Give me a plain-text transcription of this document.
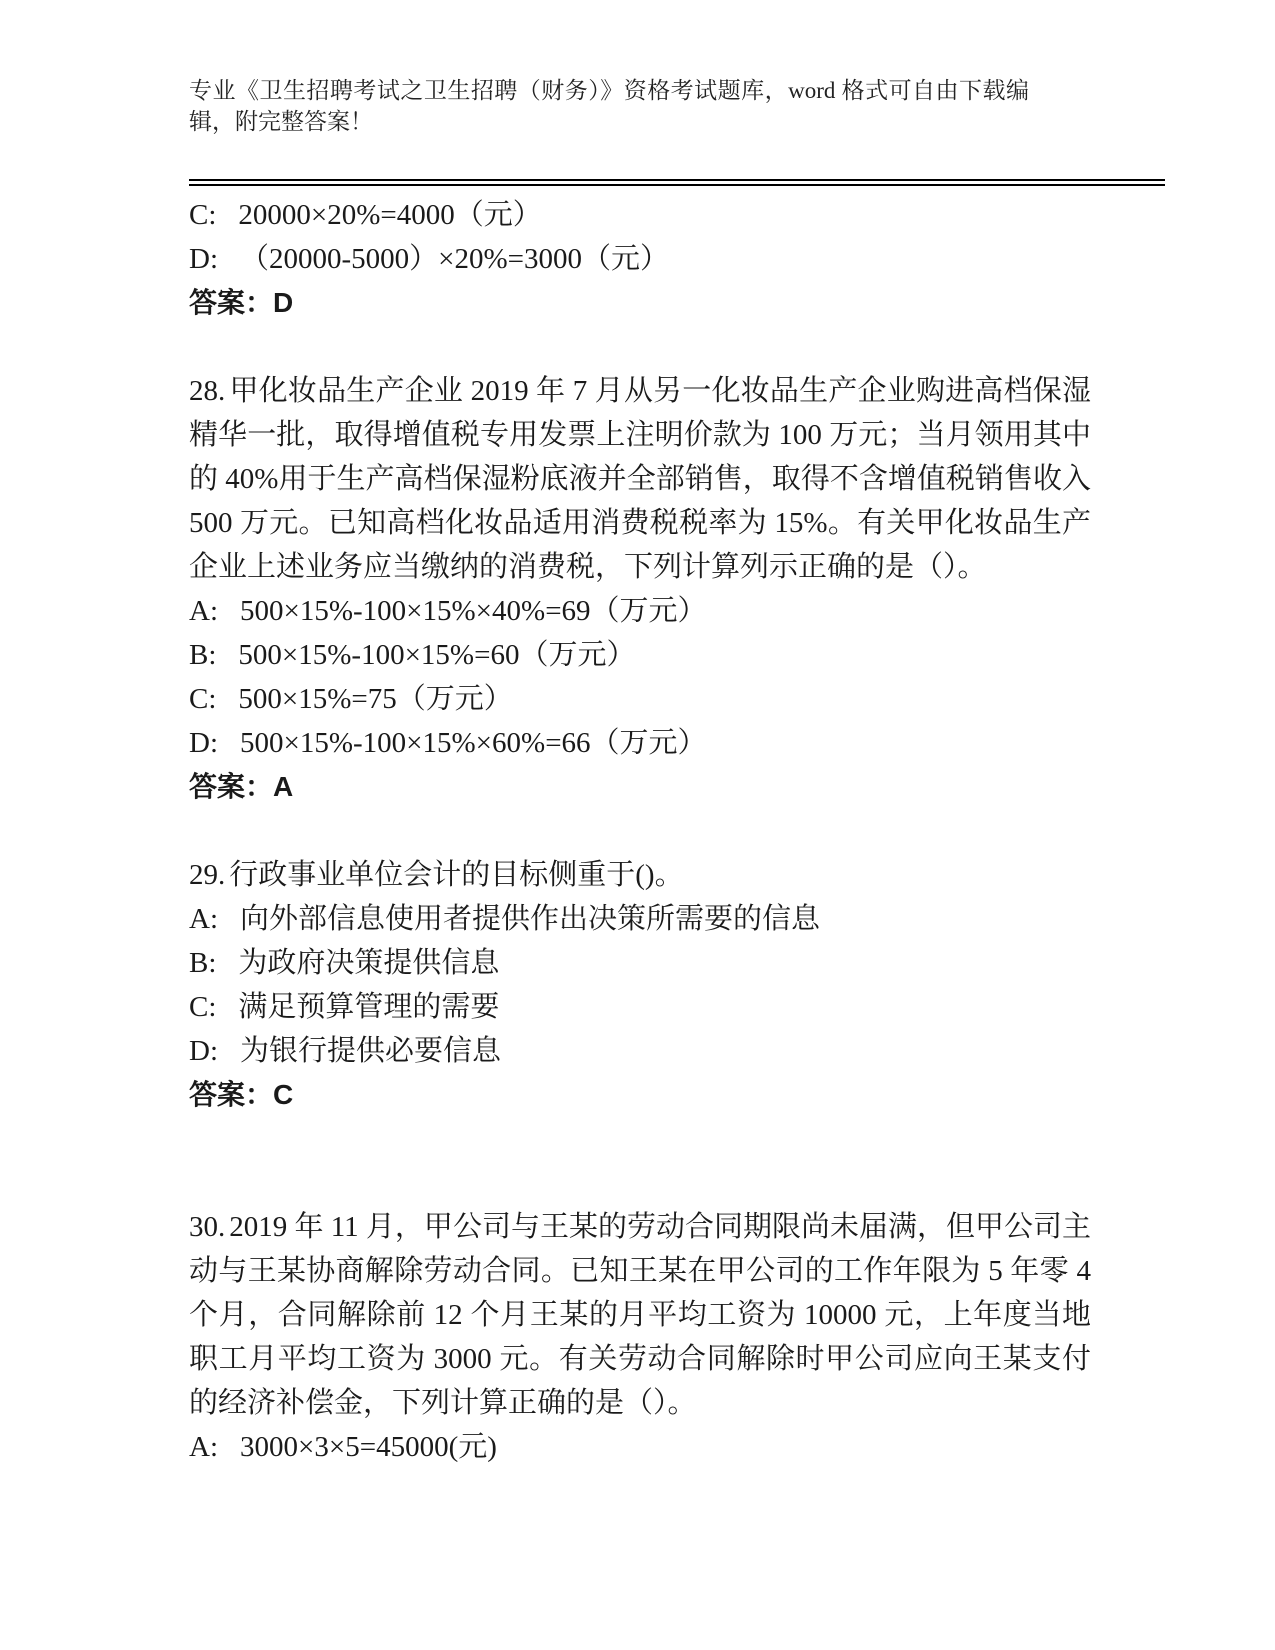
专业《卫生招聘考试之卫生招聘（财务）》资格考试题库，word 格式可自由下载编辑，附完整答案！
C: 20000×20%=4000（元）
D: （20000-5000）×20%=3000（元）
答案：D
28. 甲化妆品生产企业 2019 年 7 月从另一化妆品生产企业购进高档保湿精华一批，取得增值税专用发票上注明价款为 100 万元；当月领用其中的 40%用于生产高档保湿粉底液并全部销售，取得不含增值税销售收入 500 万元。已知高档化妆品适用消费税税率为 15%。有关甲化妆品生产企业上述业务应当缴纳的消费税，下列计算列示正确的是（）。
A: 500×15%-100×15%×40%=69（万元）
B: 500×15%-100×15%=60（万元）
C: 500×15%=75（万元）
D: 500×15%-100×15%×60%=66（万元）
答案：A
29. 行政事业单位会计的目标侧重于()。
A: 向外部信息使用者提供作出决策所需要的信息
B: 为政府决策提供信息
C: 满足预算管理的需要
D: 为银行提供必要信息
答案：C
30. 2019 年 11 月，甲公司与王某的劳动合同期限尚未届满，但甲公司主动与王某协商解除劳动合同。已知王某在甲公司的工作年限为 5 年零 4 个月，合同解除前 12 个月王某的月平均工资为 10000 元，上年度当地职工月平均工资为 3000 元。有关劳动合同解除时甲公司应向王某支付的经济补偿金，下列计算正确的是（）。
A: 3000×3×5=45000(元)
